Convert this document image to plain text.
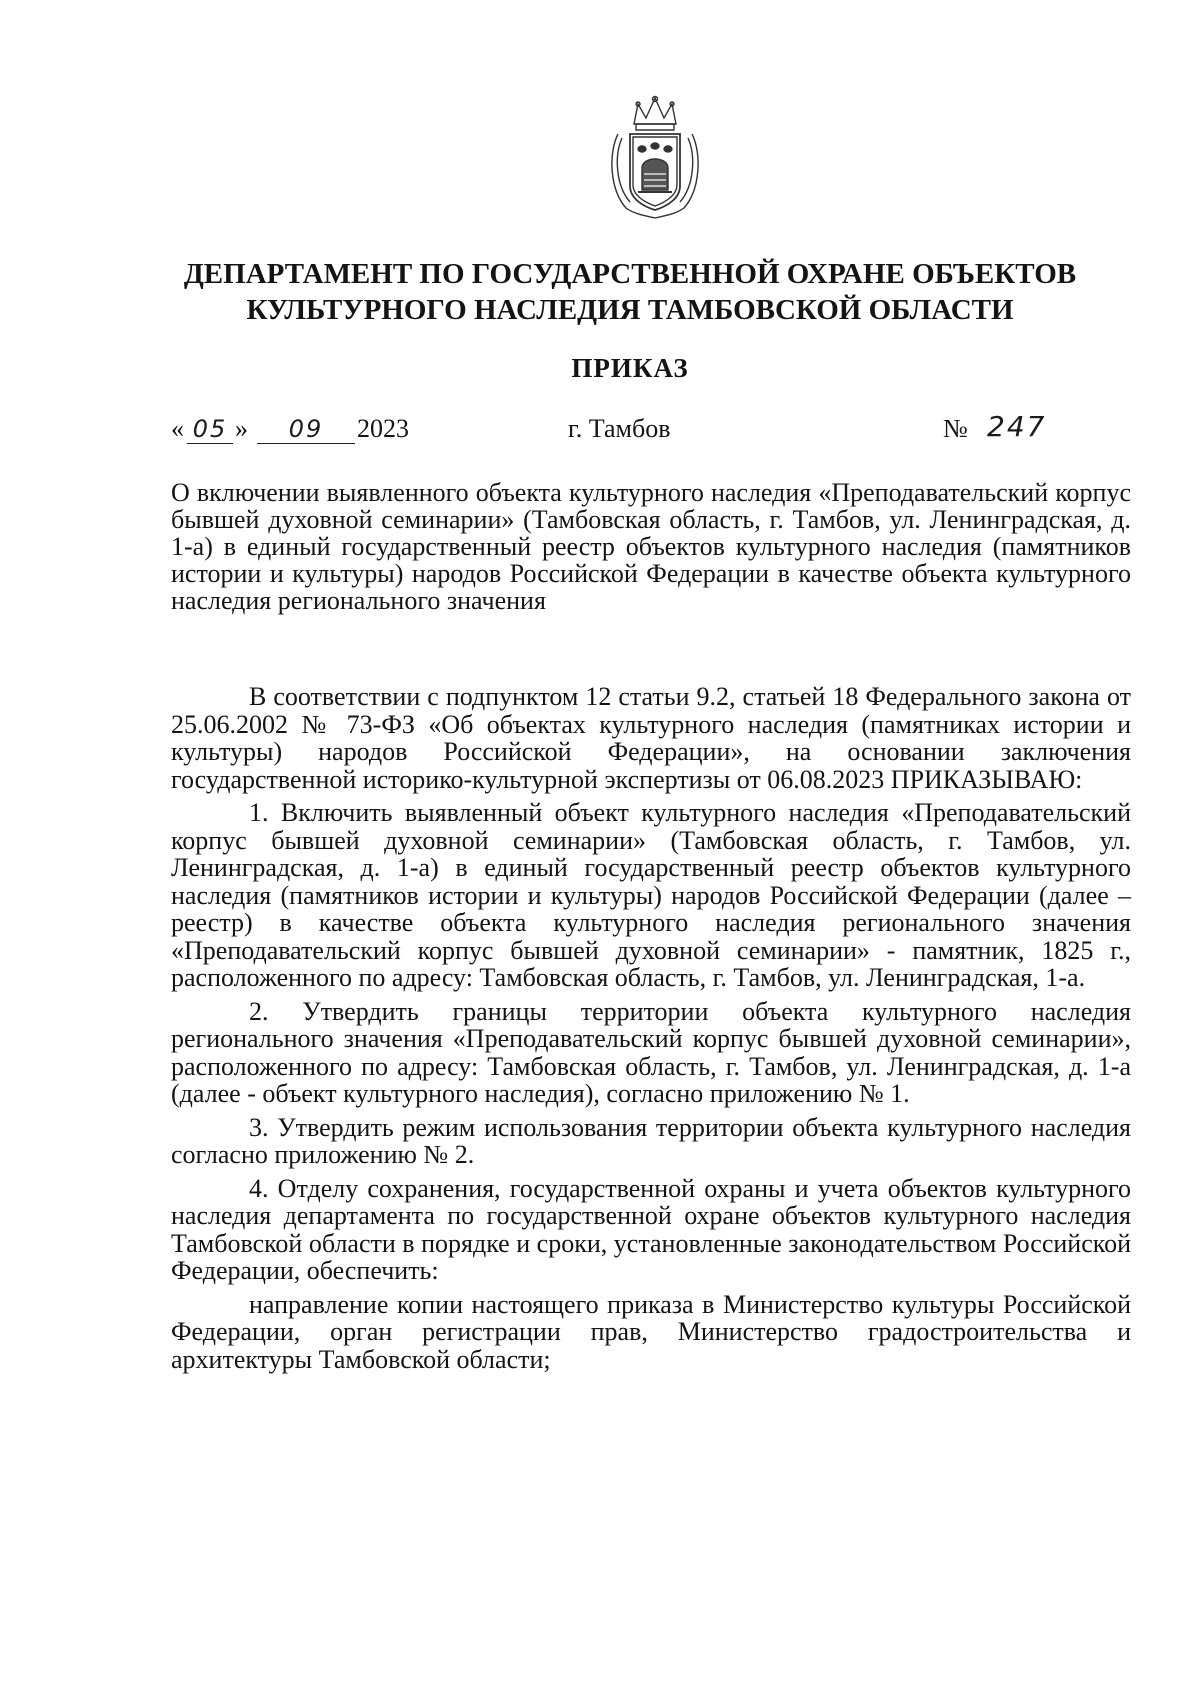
ДЕПАРТАМЕНТ ПО ГОСУДАРСТВЕННОЙ ОХРАНЕ ОБЪЕКТОВ
КУЛЬТУРНОГО НАСЛЕДИЯ ТАМБОВСКОЙ ОБЛАСТИ
ПРИКАЗ
« 05 »	09	2023	г. Тамбов	№ 247

О включении выявленного объекта культурного наследия «Преподавательский корпус бывшей духовной семинарии» (Тамбовская область, г. Тамбов, ул. Ленинградская, д. 1-а) в единый государственный реестр объектов культурного наследия (памятников истории и культуры) народов Российской Федерации в качестве объекта культурного наследия регионального значения

В соответствии с подпунктом 12 статьи 9.2, статьей 18 Федерального закона от 25.06.2002 № 73-ФЗ «Об объектах культурного наследия (памятниках истории и культуры) народов Российской Федерации», на основании заключения государственной историко-культурной экспертизы от 06.08.2023 ПРИКАЗЫВАЮ:

1. Включить выявленный объект культурного наследия «Преподавательский корпус бывшей духовной семинарии» (Тамбовская область, г. Тамбов, ул. Ленинградская, д. 1-а) в единый государственный реестр объектов культурного наследия (памятников истории и культуры) народов Российской Федерации (далее – реестр) в качестве объекта культурного наследия регионального значения «Преподавательский корпус бывшей духовной семинарии» - памятник, 1825 г., расположенного по адресу: Тамбовская область, г. Тамбов, ул. Ленинградская, 1-а.

2. Утвердить границы территории объекта культурного наследия регионального значения «Преподавательский корпус бывшей духовной семинарии», расположенного по адресу: Тамбовская область, г. Тамбов, ул. Ленинградская, д. 1-а (далее - объект культурного наследия), согласно приложению № 1.

3. Утвердить режим использования территории объекта культурного наследия согласно приложению № 2.

4. Отделу сохранения, государственной охраны и учета объектов культурного наследия департамента по государственной охране объектов культурного наследия Тамбовской области в порядке и сроки, установленные законодательством Российской Федерации, обеспечить:

направление копии настоящего приказа в Министерство культуры Российской Федерации, орган регистрации прав, Министерство градостроительства и архитектуры Тамбовской области;
